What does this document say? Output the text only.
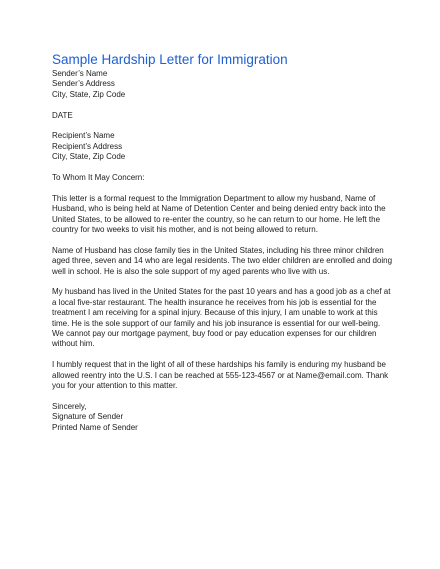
Sample Hardship Letter for Immigration
Sender’s Name
Sender’s Address
City, State, Zip Code
DATE
Recipient’s Name
Recipient’s Address
City, State, Zip Code
To Whom It May Concern:
This letter is a formal request to the Immigration Department to allow my husband, Name of
Husband, who is being held at Name of Detention Center and being denied entry back into the
United States, to be allowed to re-enter the country, so he can return to our home. He left the
country for two weeks to visit his mother, and is not being allowed to return.
Name of Husband has close family ties in the United States, including his three minor children
aged three, seven and 14 who are legal residents. The two elder children are enrolled and doing
well in school. He is also the sole support of my aged parents who live with us.
My husband has lived in the United States for the past 10 years and has a good job as a chef at
a local five-star restaurant. The health insurance he receives from his job is essential for the
treatment I am receiving for a spinal injury. Because of this injury, I am unable to work at this
time. He is the sole support of our family and his job insurance is essential for our well-being.
We cannot pay our mortgage payment, buy food or pay education expenses for our children
without him.
I humbly request that in the light of all of these hardships his family is enduring my husband be
allowed reentry into the U.S. I can be reached at 555-123-4567 or at Name@email.com. Thank
you for your attention to this matter.
Sincerely,
Signature of Sender
Printed Name of Sender
